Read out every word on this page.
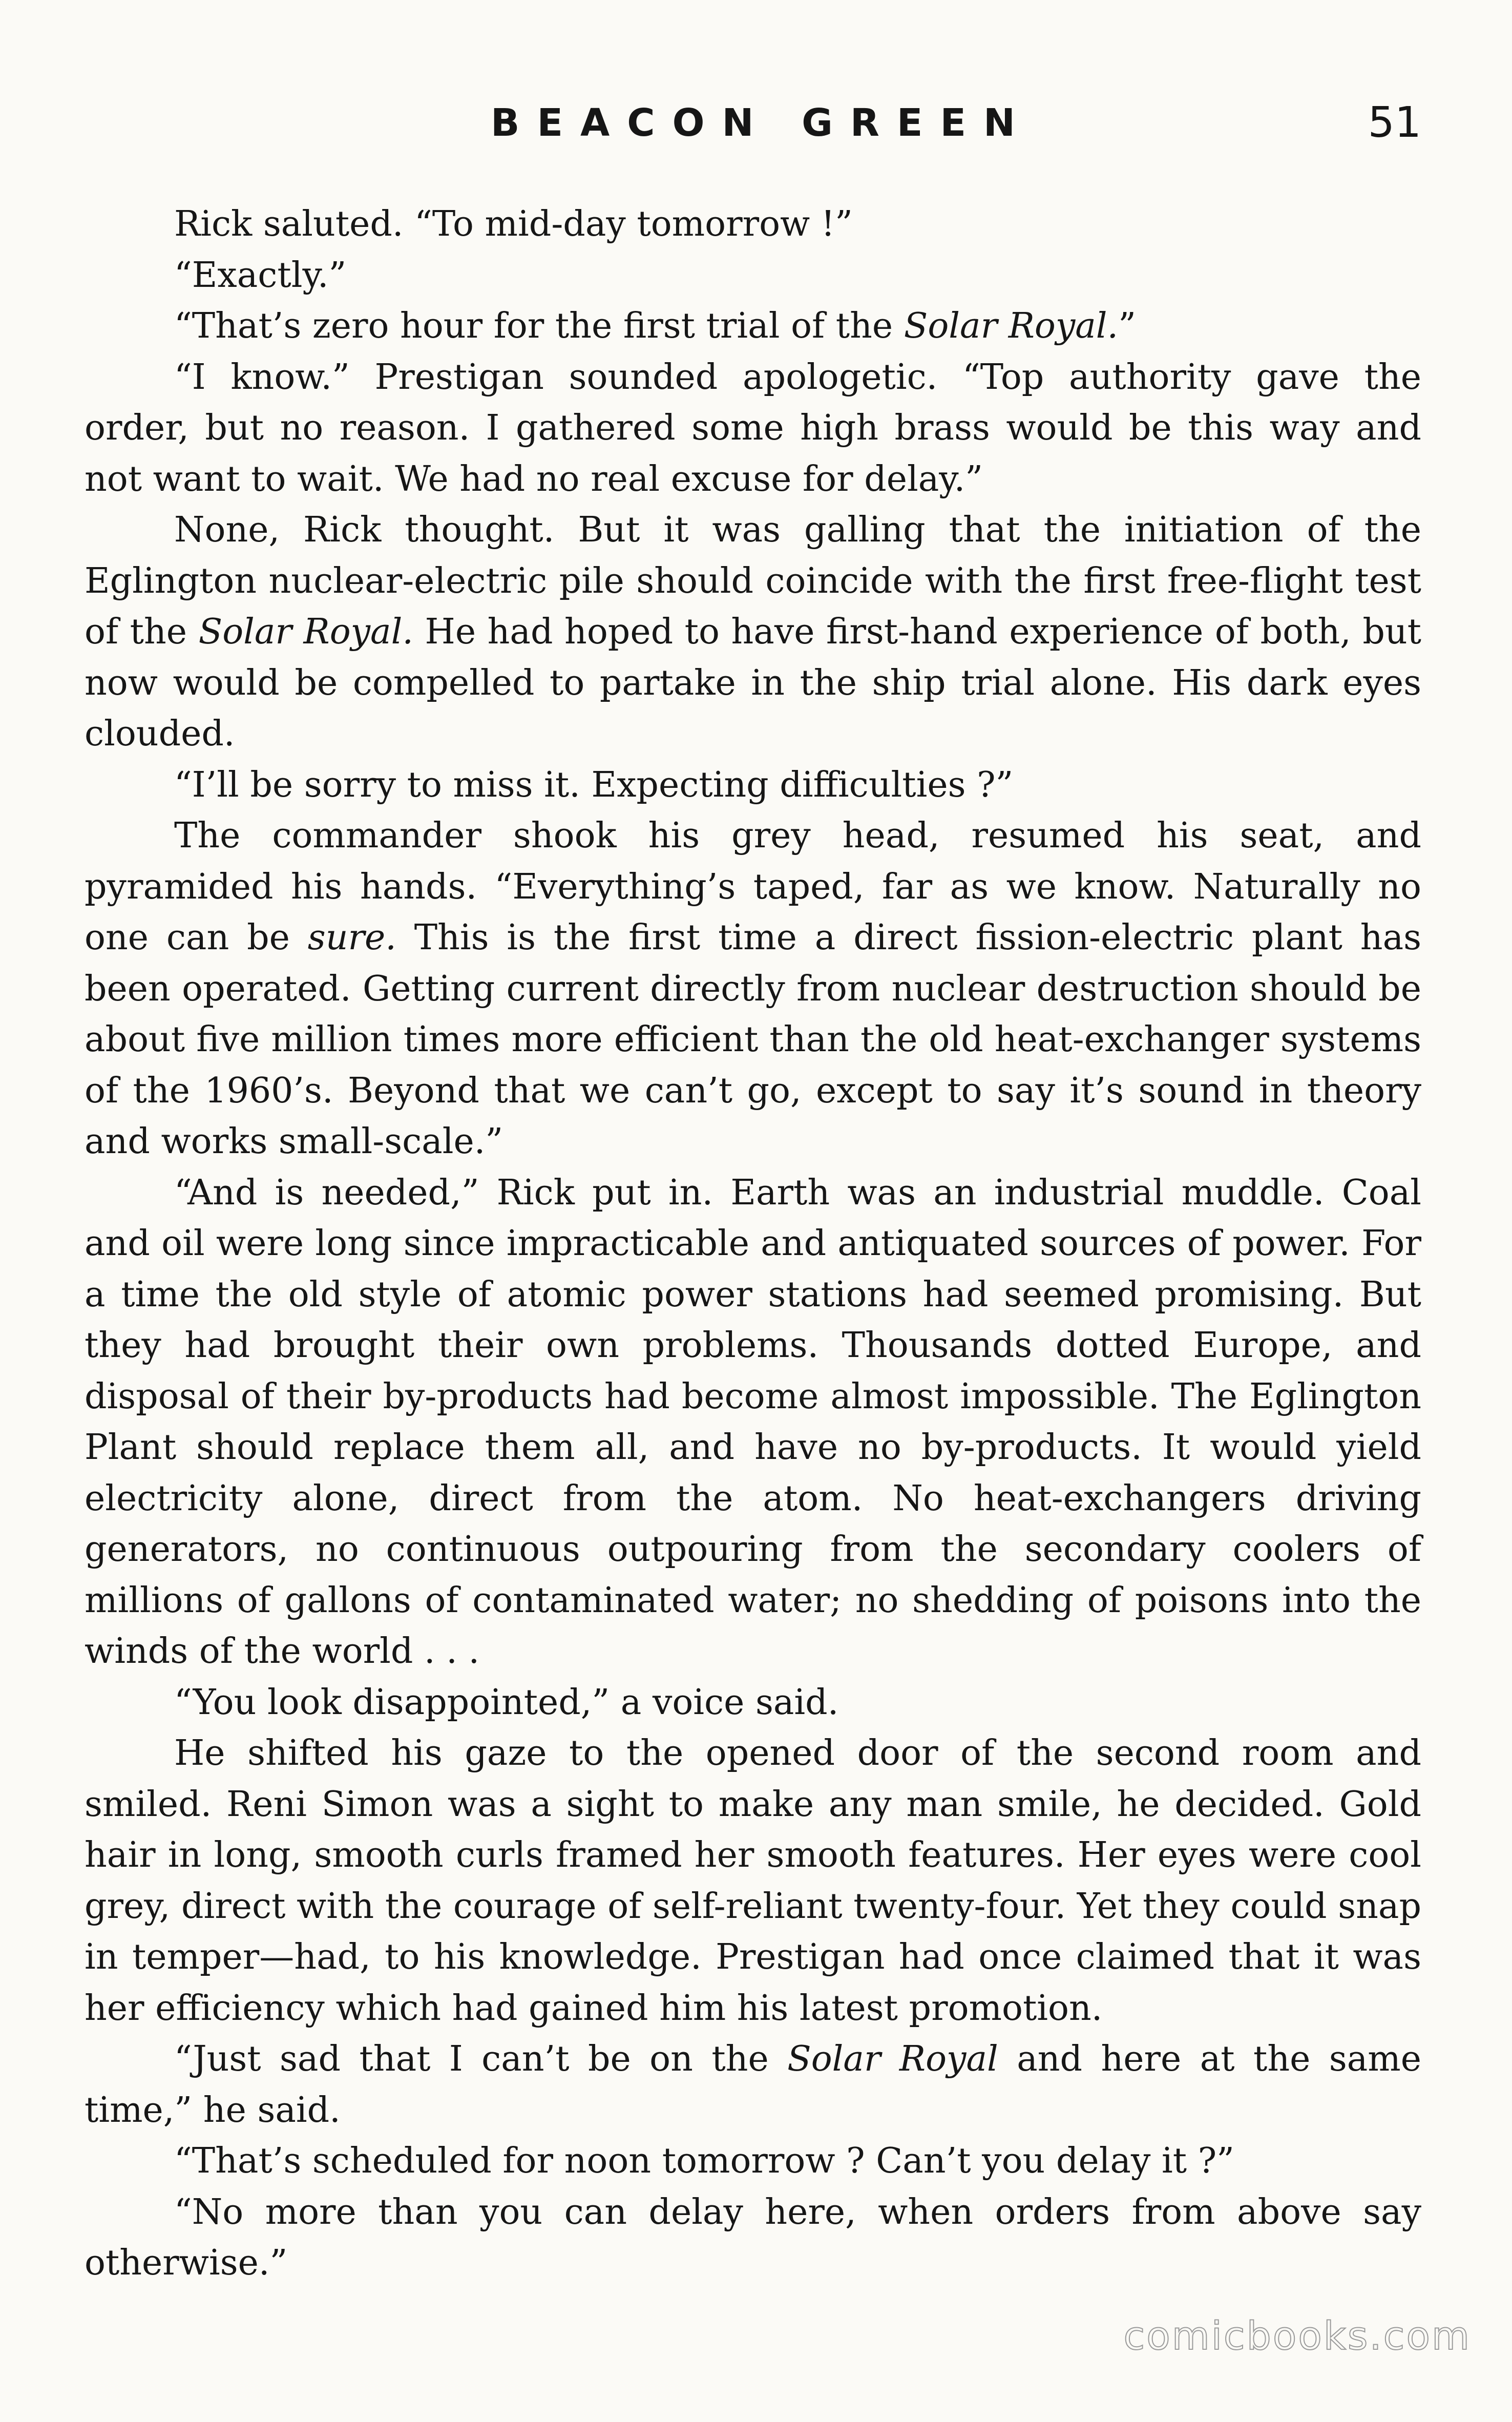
BEACON GREEN	51

Rick saluted. “To mid-day tomorrow !”

“Exactly.”

“That’s zero hour for the first trial of the Solar Royal.”

“I know.” Prestigan sounded apologetic. “Top authority gave the order, but no reason. I gathered some high brass would be this way and not want to wait. We had no real excuse for delay.”

None, Rick thought. But it was galling that the initiation of the Eglington nuclear-electric pile should coincide with the first free-flight test of the Solar Royal. He had hoped to have first-hand experience of both, but now would be compelled to partake in the ship trial alone. His dark eyes clouded.

“I’ll be sorry to miss it. Expecting difficulties ?”

The commander shook his grey head, resumed his seat, and pyramided his hands. “Everything’s taped, far as we know. Naturally no one can be sure. This is the first time a direct fission-electric plant has been operated. Getting current directly from nuclear destruction should be about five million times more efficient than the old heat-exchanger systems of the 1960’s. Beyond that we can’t go, except to say it’s sound in theory and works small-scale.”

“And is needed,” Rick put in. Earth was an industrial muddle. Coal and oil were long since impracticable and antiquated sources of power. For a time the old style of atomic power stations had seemed promising. But they had brought their own problems. Thousands dotted Europe, and disposal of their by-products had become almost impossible. The Eglington Plant should replace them all, and have no by-products. It would yield electricity alone, direct from the atom. No heat-exchangers driving generators, no continuous outpouring from the secondary coolers of millions of gallons of contaminated water; no shedding of poisons into the winds of the world . . .

“You look disappointed,” a voice said.

He shifted his gaze to the opened door of the second room and smiled. Reni Simon was a sight to make any man smile, he decided. Gold hair in long, smooth curls framed her smooth features. Her eyes were cool grey, direct with the courage of self-reliant twenty-four. Yet they could snap in temper—had, to his knowledge. Prestigan had once claimed that it was her efficiency which had gained him his latest promotion.

“Just sad that I can’t be on the Solar Royal and here at the same time,” he said.

“That’s scheduled for noon tomorrow ? Can’t you delay it ?”

“No more than you can delay here, when orders from above say otherwise.”

comicbooks.com
